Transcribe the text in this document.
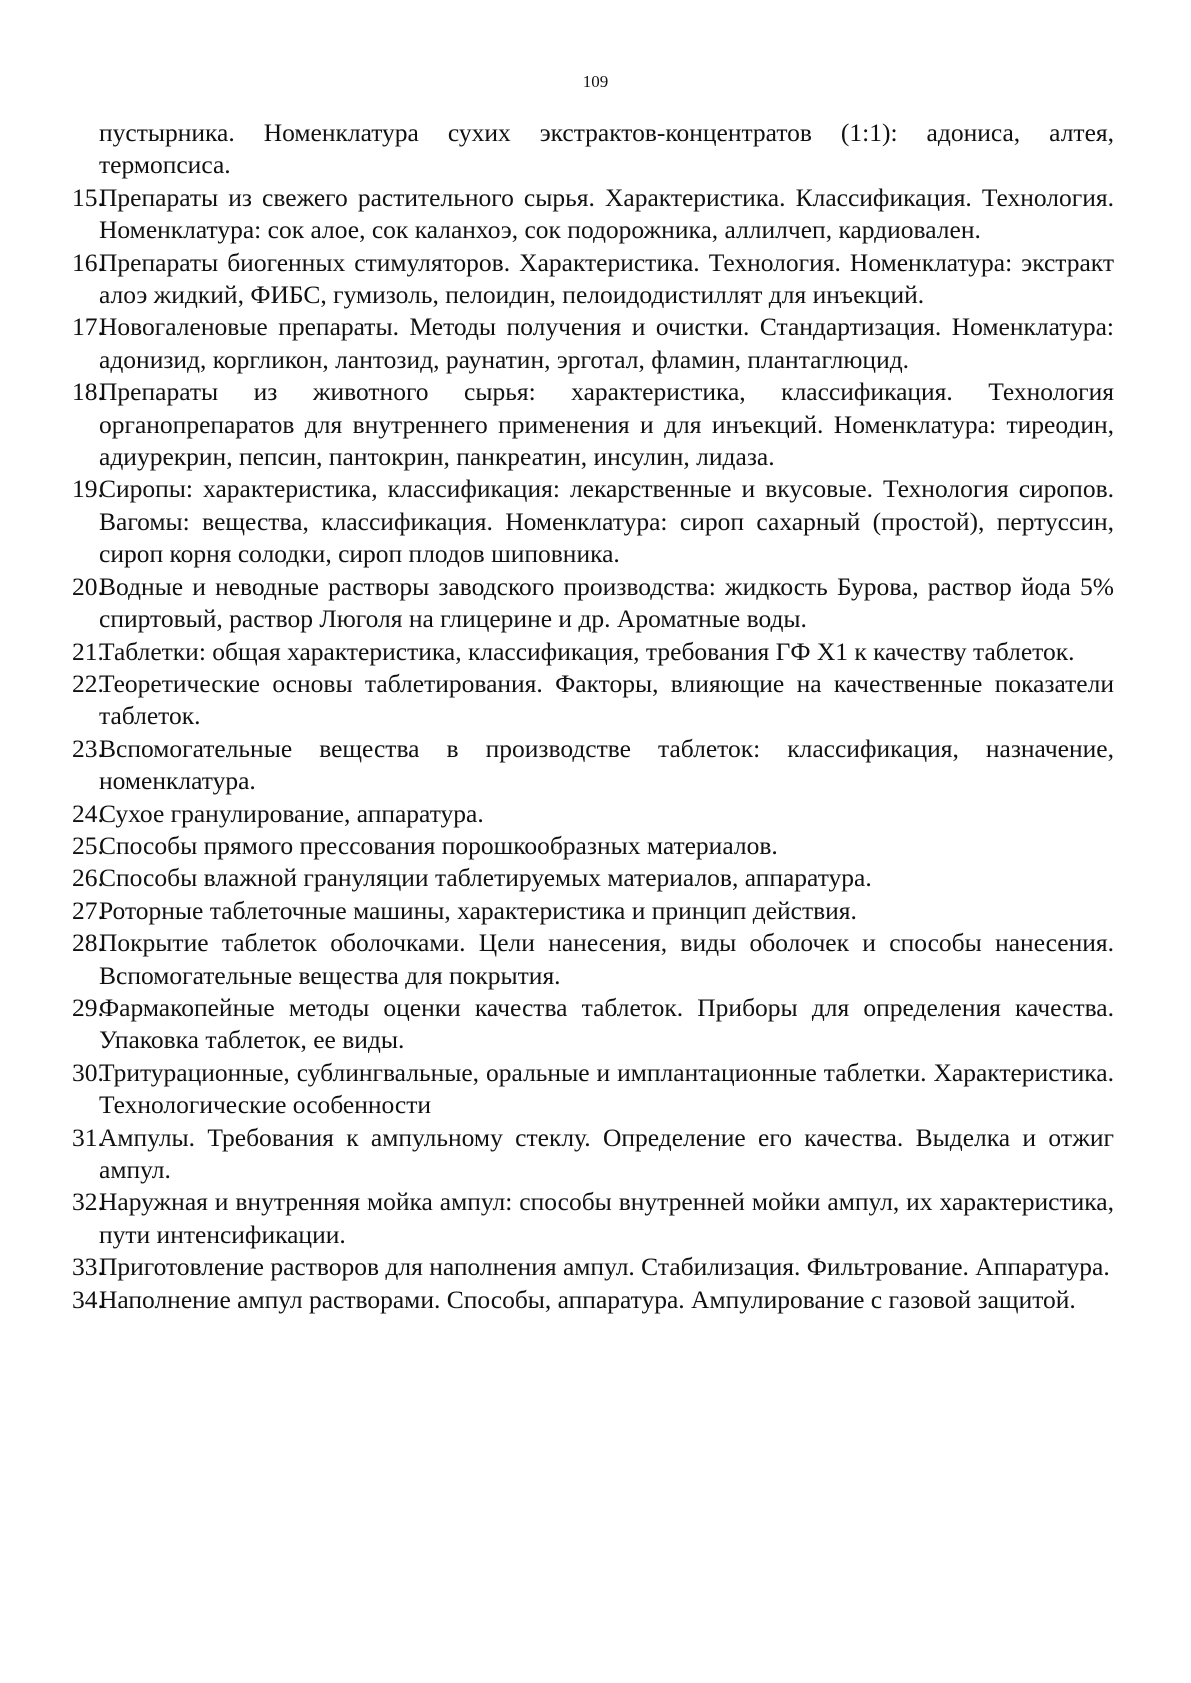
109

пустырника. Номенклатура сухих экстрактов-концентратов (1:1): адониса, алтея, термопсиса.

15.
Препараты из свежего растительного сырья. Характеристика. Классификация. Технология. Номенклатура: сок алое, сок каланхоэ, сок подорожника, аллилчеп, кардиовален.
16.
Препараты биогенных стимуляторов. Характеристика. Технология. Номенклатура: экстракт алоэ жидкий, ФИБС, гумизоль, пелоидин, пелоидодистиллят для инъекций.
17.
Новогаленовые препараты. Методы получения и очистки. Стандартизация. Номенклатура: адонизид, коргликон, лантозид, раунатин, эрготал, фламин, плантаглюцид.
18.
Препараты из животного сырья: характеристика, классификация. Технология органопрепаратов для внутреннего применения и для инъекций. Номенклатура: тиреодин, адиурекрин, пепсин, пантокрин, панкреатин, инсулин, лидаза.
19.
Сиропы: характеристика, классификация: лекарственные и вкусовые. Технология сиропов. Вагомы: вещества, классификация. Номенклатура: сироп сахарный (простой), пертуссин, сироп корня солодки, сироп плодов шиповника.
20.
Водные и неводные растворы заводского производства: жидкость Бурова, раствор йода 5% спиртовый, раствор Люголя на глицерине и др. Ароматные воды.
21.
Таблетки: общая характеристика, классификация, требования ГФ X1 к качеству таблеток.
22.
Теоретические основы таблетирования. Факторы, влияющие на качественные показатели таблеток.
23.
Вспомогательные вещества в производстве таблеток: классификация, назначение, номенклатура.
24.
Сухое гранулирование, аппаратура.
25.
Способы прямого прессования порошкообразных материалов.
26.
Способы влажной грануляции таблетируемых материалов, аппаратура.
27.
Роторные таблеточные машины, характеристика и принцип действия.
28.
Покрытие таблеток оболочками. Цели нанесения, виды оболочек и способы нанесения. Вспомогательные вещества для покрытия.
29.
Фармакопейные методы оценки качества таблеток. Приборы для определения качества. Упаковка таблеток, ее виды.
30.
Тритурационные, сублингвальные, оральные и имплантационные таблетки. Характеристика. Технологические особенности
31.
Ампулы. Требования к ампульному стеклу. Определение его качества. Выделка и отжиг ампул.
32.
Наружная и внутренняя мойка ампул: способы внутренней мойки ампул, их характеристика, пути интенсификации.
33.
Приготовление растворов для наполнения ампул. Стабилизация. Фильтрование. Аппаратура.
34.
Наполнение ампул растворами. Способы, аппаратура. Ампулирование с газовой защитой.
